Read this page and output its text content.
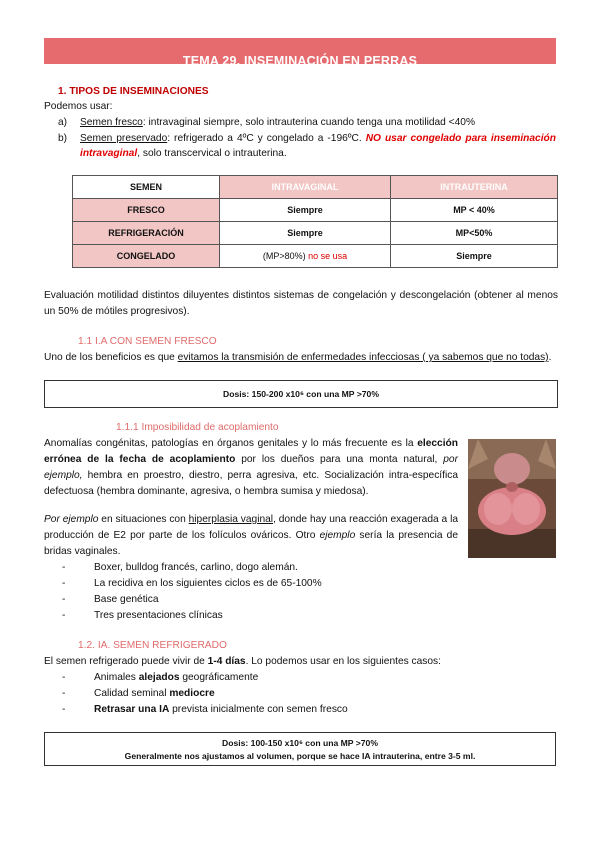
TEMA 29. INSEMINACIÓN EN PERRAS
1. TIPOS DE INSEMINACIONES
Podemos usar:
a) Semen fresco: intravaginal siempre, solo intrauterina cuando tenga una motilidad <40%
b) Semen preservado: refrigerado a 4ºC y congelado a -196ºC. NO usar congelado para inseminación intravaginal, solo transcervical o intrauterina.
SEMEN	INTRAVAGINAL	INTRAUTERINA
FRESCO	Siempre	MP < 40%
REFRIGERACIÓN	Siempre	MP<50%
CONGELADO	(MP>80%) no se usa	Siempre
Evaluación motilidad distintos diluyentes distintos sistemas de congelación y descongelación (obtener al menos un 50% de mótiles progresivos).
1.1 I.A CON SEMEN FRESCO
Uno de los beneficios es que evitamos la transmisión de enfermedades infecciosas ( ya sabemos que no todas).
Dosis: 150-200 x10⁶ con una MP >70%
1.1.1 Imposibilidad de acoplamiento
Anomalías congénitas, patologías en órganos genitales y lo más frecuente es la elección errónea de la fecha de acoplamiento por los dueños para una monta natural, por ejemplo, hembra en proestro, diestro, perra agresiva, etc. Socialización intra-específica defectuosa (hembra dominante, agresiva, o hembra sumisa y miedosa).
Por ejemplo en situaciones con hiperplasia vaginal, donde hay una reacción exagerada a la producción de E2 por parte de los folículos ováricos. Otro ejemplo sería la presencia de bridas vaginales.
-	Boxer, bulldog francés, carlino, dogo alemán.
-	La recidiva en los siguientes ciclos es de 65-100%
-	Base genética
-	Tres presentaciones clínicas
1.2. IA. SEMEN REFRIGERADO
El semen refrigerado puede vivir de 1-4 días. Lo podemos usar en los siguientes casos:
-	Animales alejados geográficamente
-	Calidad seminal mediocre
-	Retrasar una IA prevista inicialmente con semen fresco
Dosis: 100-150 x10⁶ con una MP >70%
Generalmente nos ajustamos al volumen, porque se hace IA intrauterina, entre 3-5 ml.
